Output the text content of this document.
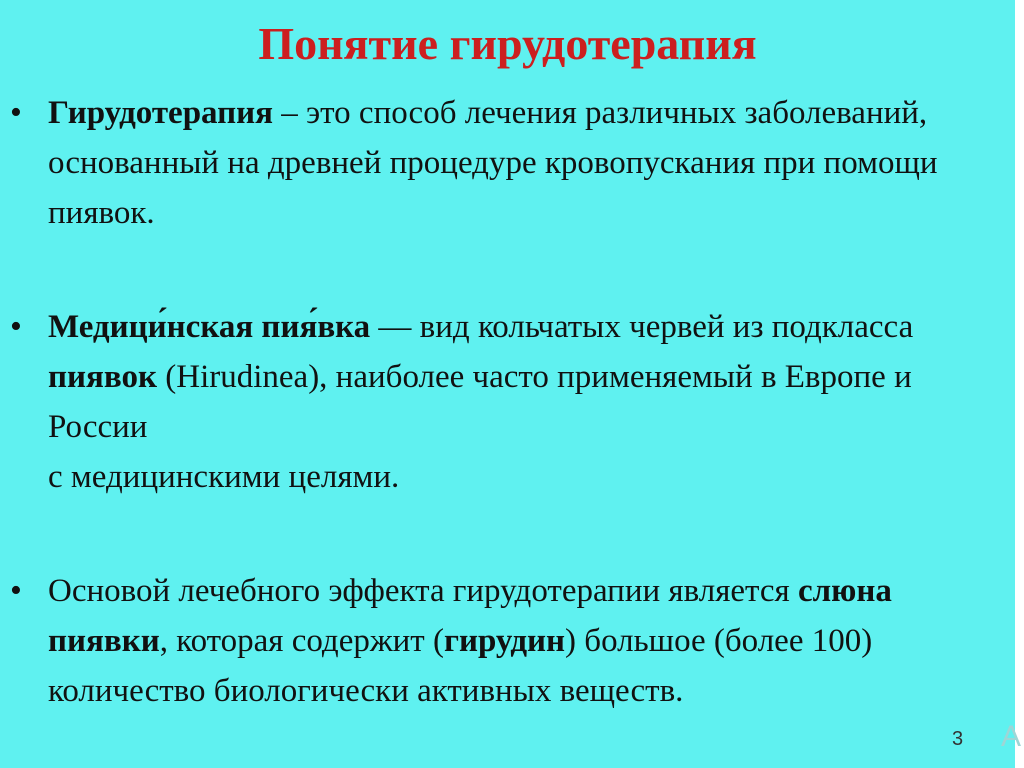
Понятие гирудотерапия
• Гирудотерапия – это способ лечения различных заболеваний, основанный на древней процедуре кровопускания при помощи пиявок.
• Медици́нская пия́вка — вид кольчатых червей из подкласса пиявок (Hirudinea), наиболее часто применяемый в Европе и России
с медицинскими целями.
• Основой лечебного эффекта гирудотерапии является слюна пиявки, которая содержит (гирудин) большое (более 100) количество биологически активных веществ.
3 А
